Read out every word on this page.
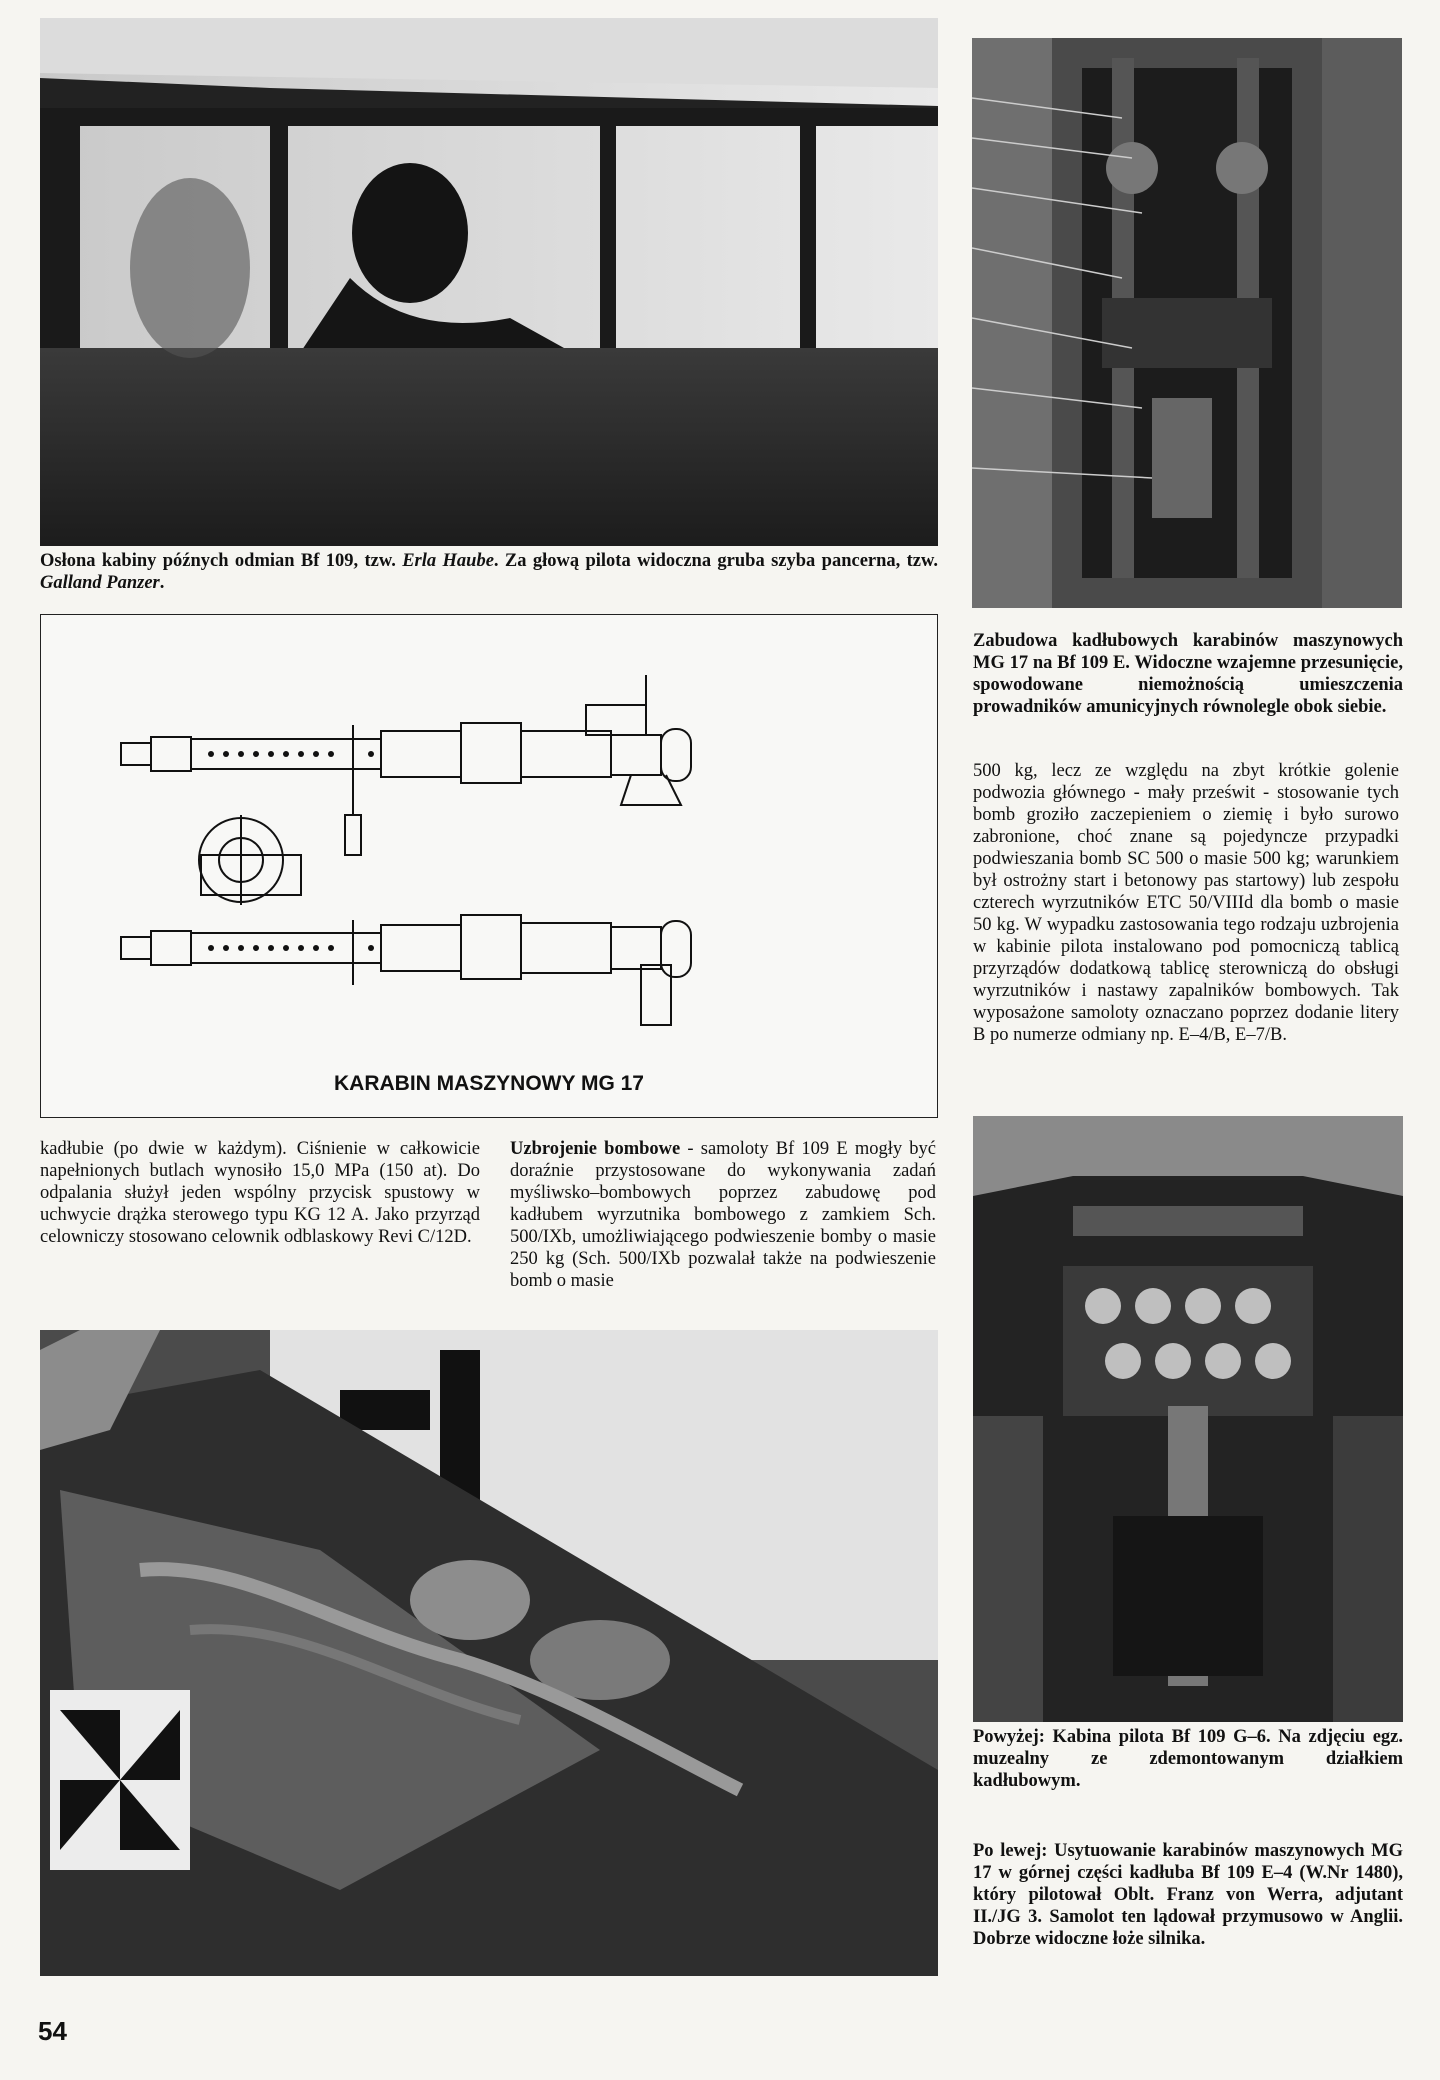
Osłona kabiny późnych odmian Bf 109, tzw. Erla Haube. Za głową pilota widoczna gruba szyba pancerna, tzw. Galland Panzer.
Zabudowa kadłubowych karabinów maszynowych MG 17 na Bf 109 E. Widoczne wzajemne przesunięcie, spowodowane niemożnością umieszczenia prowadników amunicyjnych równolegle obok siebie.
KARABIN MASZYNOWY MG 17
500 kg, lecz ze względu na zbyt krótkie golenie podwozia głównego - mały prześwit - stosowanie tych bomb groziło zaczepieniem o ziemię i było surowo zabronione, choć znane są pojedyncze przypadki podwieszania bomb SC 500 o masie 500 kg; warunkiem był ostrożny start i betonowy pas startowy) lub zespołu czterech wyrzutników ETC 50/VIIId dla bomb o masie 50 kg. W wypadku zastosowania tego rodzaju uzbrojenia w kabinie pilota instalowano pod pomocniczą tablicą przyrządów dodatkową tablicę sterowniczą do obsługi wyrzutników i nastawy zapalników bombowych. Tak wyposażone samoloty oznaczano poprzez dodanie litery B po numerze odmiany np. E–4/B, E–7/B.
kadłubie (po dwie w każdym). Ciśnienie w całkowicie napełnionych butlach wynosiło 15,0 MPa (150 at). Do odpalania służył jeden wspólny przycisk spustowy w uchwycie drążka sterowego typu KG 12 A. Jako przyrząd celowniczy stosowano celownik odblaskowy Revi C/12D.
Uzbrojenie bombowe - samoloty Bf 109 E mogły być doraźnie przystosowane do wykonywania zadań myśliwsko–bombowych poprzez zabudowę pod kadłubem wyrzutnika bombowego z zamkiem Sch. 500/IXb, umożliwiającego podwieszenie bomby o masie 250 kg (Sch. 500/IXb pozwalał także na podwieszenie bomb o masie
Powyżej: Kabina pilota Bf 109 G–6. Na zdjęciu egz. muzealny ze zdemontowanym działkiem kadłubowym.
Po lewej: Usytuowanie karabinów maszynowych MG 17 w górnej części kadłuba Bf 109 E–4 (W.Nr 1480), który pilotował Oblt. Franz von Werra, adjutant II./JG 3. Samolot ten lądował przymusowo w Anglii. Dobrze widoczne łoże silnika.
54
